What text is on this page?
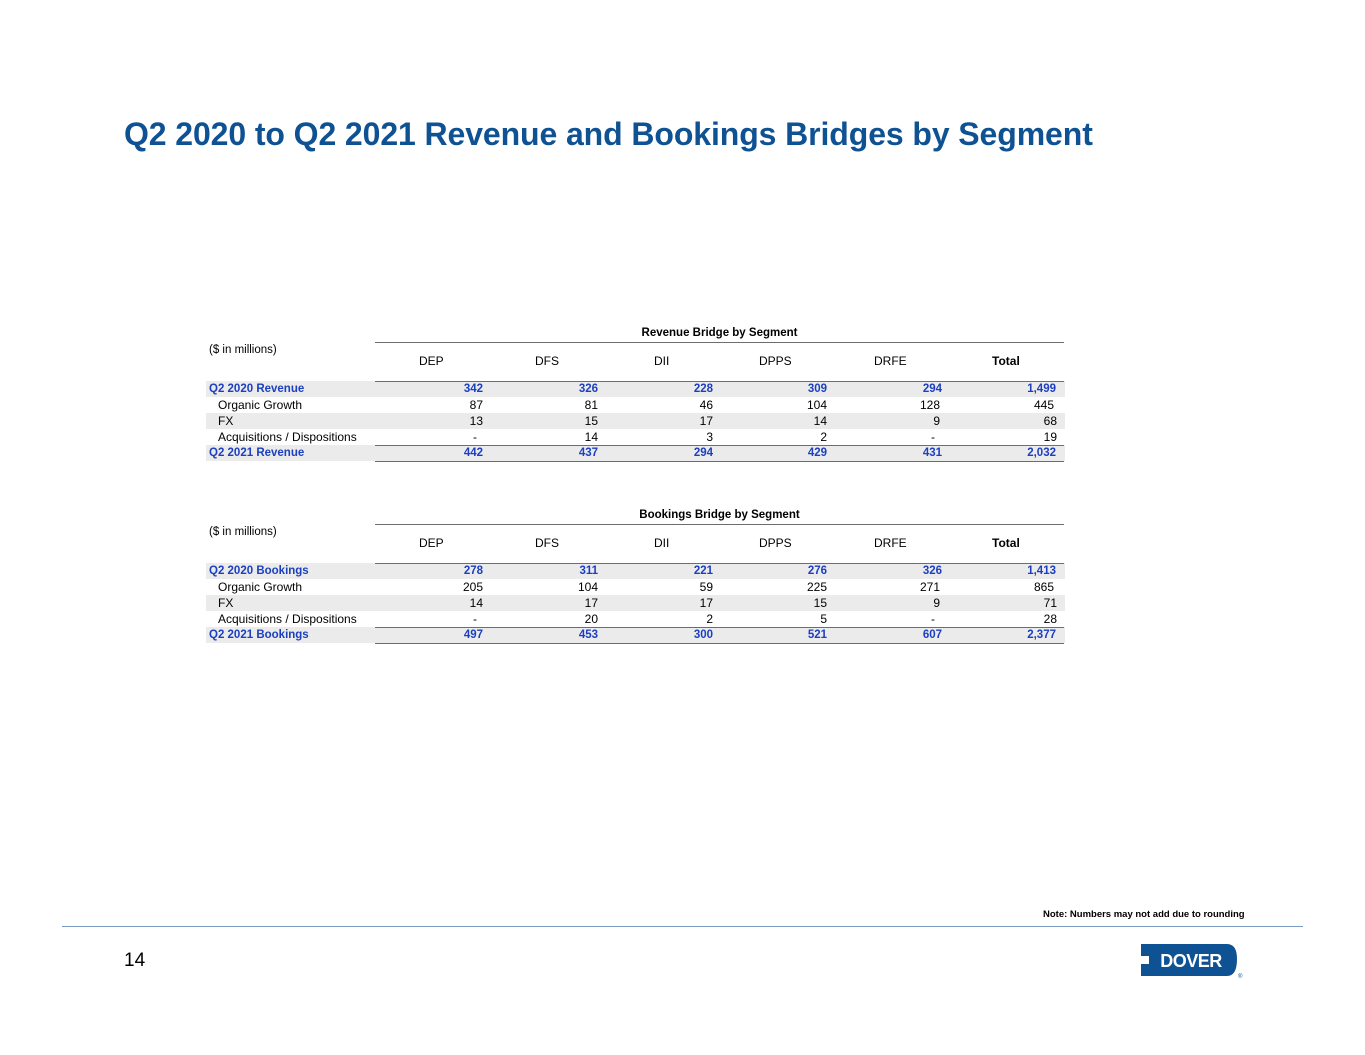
Q2 2020 to Q2 2021 Revenue and Bookings Bridges by Segment
Revenue Bridge by Segment
($ in millions)
DEP	DFS	DII	DPPS	DRFE	Total
Q2 2020 Revenue	342	326	228	309	294	1,499
Organic Growth	87	81	46	104	128	445
FX	13	15	17	14	9	68
Acquisitions / Dispositions	-	14	3	2	-	19
Q2 2021 Revenue	442	437	294	429	431	2,032
Bookings Bridge by Segment
($ in millions)
DEP	DFS	DII	DPPS	DRFE	Total
Q2 2020 Bookings	278	311	221	276	326	1,413
Organic Growth	205	104	59	225	271	865
FX	14	17	17	15	9	71
Acquisitions / Dispositions	-	20	2	5	-	28
Q2 2021 Bookings	497	453	300	521	607	2,377
Note: Numbers may not add due to rounding
14	DOVER
®
